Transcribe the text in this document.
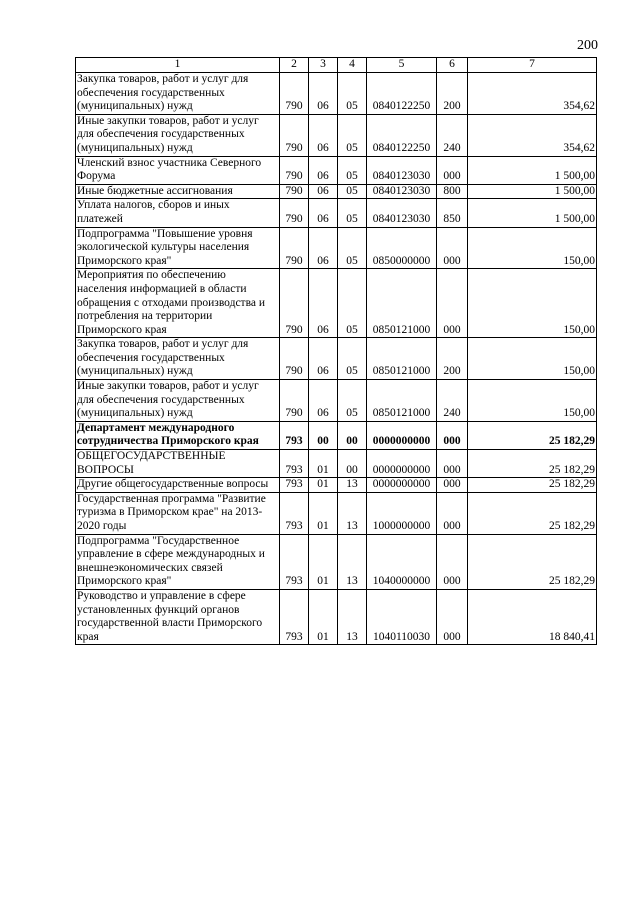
200
1	2	3	4	5	6	7
Закупка товаров, работ и услуг для обеспечения государственных (муниципальных) нужд	790	06	05	0840122250	200	354,62
Иные закупки товаров, работ и услуг для обеспечения государственных (муниципальных) нужд	790	06	05	0840122250	240	354,62
Членский взнос участника Северного Форума	790	06	05	0840123030	000	1 500,00
Иные бюджетные ассигнования	790	06	05	0840123030	800	1 500,00
Уплата налогов, сборов и иных платежей	790	06	05	0840123030	850	1 500,00
Подпрограмма "Повышение уровня экологической культуры населения Приморского края"	790	06	05	0850000000	000	150,00
Мероприятия по обеспечению населения информацией в области обращения с отходами производства и потребления на территории Приморского края	790	06	05	0850121000	000	150,00
Закупка товаров, работ и услуг для обеспечения государственных (муниципальных) нужд	790	06	05	0850121000	200	150,00
Иные закупки товаров, работ и услуг для обеспечения государственных (муниципальных) нужд	790	06	05	0850121000	240	150,00
Департамент международного сотрудничества Приморского края	793	00	00	0000000000	000	25 182,29
ОБЩЕГОСУДАРСТВЕННЫЕ ВОПРОСЫ	793	01	00	0000000000	000	25 182,29
Другие общегосударственные вопросы	793	01	13	0000000000	000	25 182,29
Государственная программа "Развитие туризма в Приморском крае" на 2013-2020 годы	793	01	13	1000000000	000	25 182,29
Подпрограмма "Государственное управление в сфере международных и внешнеэкономических связей Приморского края"	793	01	13	1040000000	000	25 182,29
Руководство и управление в сфере установленных функций органов государственной власти Приморского края	793	01	13	1040110030	000	18 840,41
